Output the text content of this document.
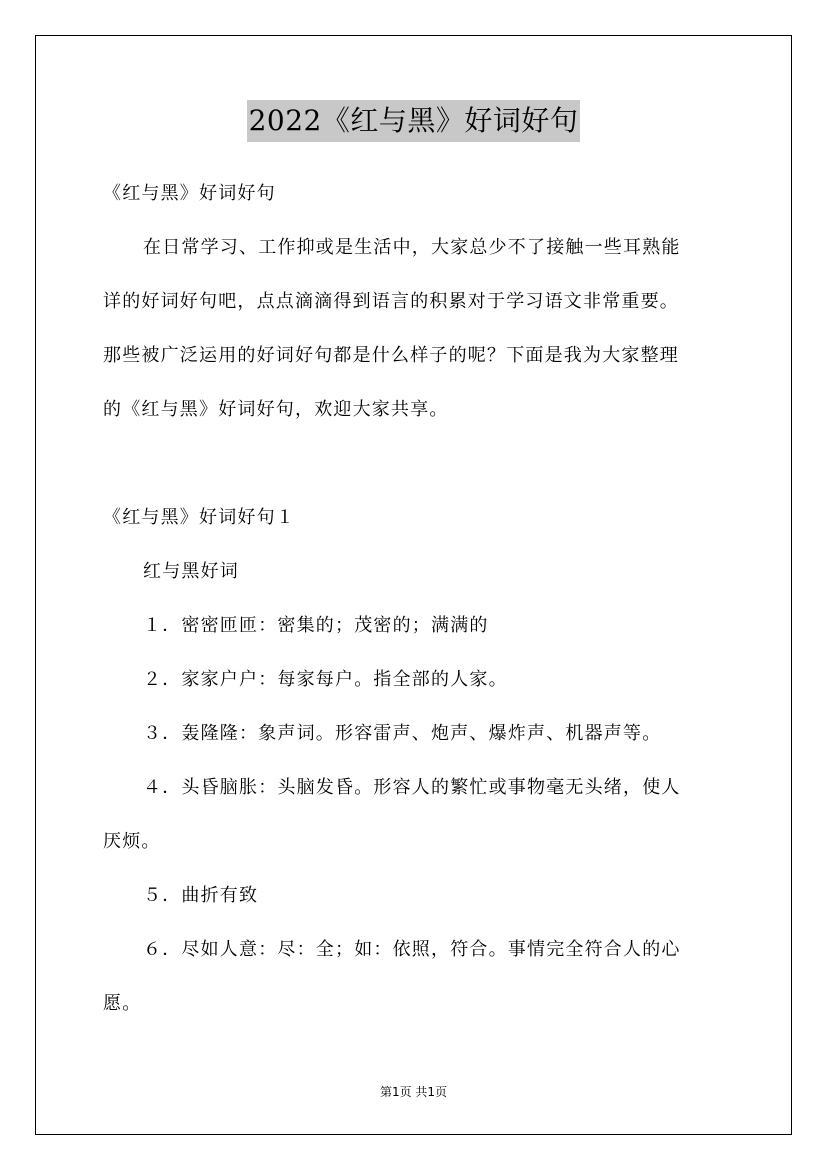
2022《红与黑》好词好句
《红与黑》好词好句
在日常学习、工作抑或是生活中，大家总少不了接触一些耳熟能
详的好词好句吧，点点滴滴得到语言的积累对于学习语文非常重要。
那些被广泛运用的好词好句都是什么样子的呢？下面是我为大家整理
的《红与黑》好词好句，欢迎大家共享。
《红与黑》好词好句１
红与黑好词
１．密密匝匝：密集的；茂密的；满满的
２．家家户户：每家每户。指全部的人家。
３．轰隆隆：象声词。形容雷声、炮声、爆炸声、机器声等。
４．头昏脑胀：头脑发昏。形容人的繁忙或事物毫无头绪，使人
厌烦。
５．曲折有致
６．尽如人意：尽：全；如：依照，符合。事情完全符合人的心
愿。
第1页 共1页
